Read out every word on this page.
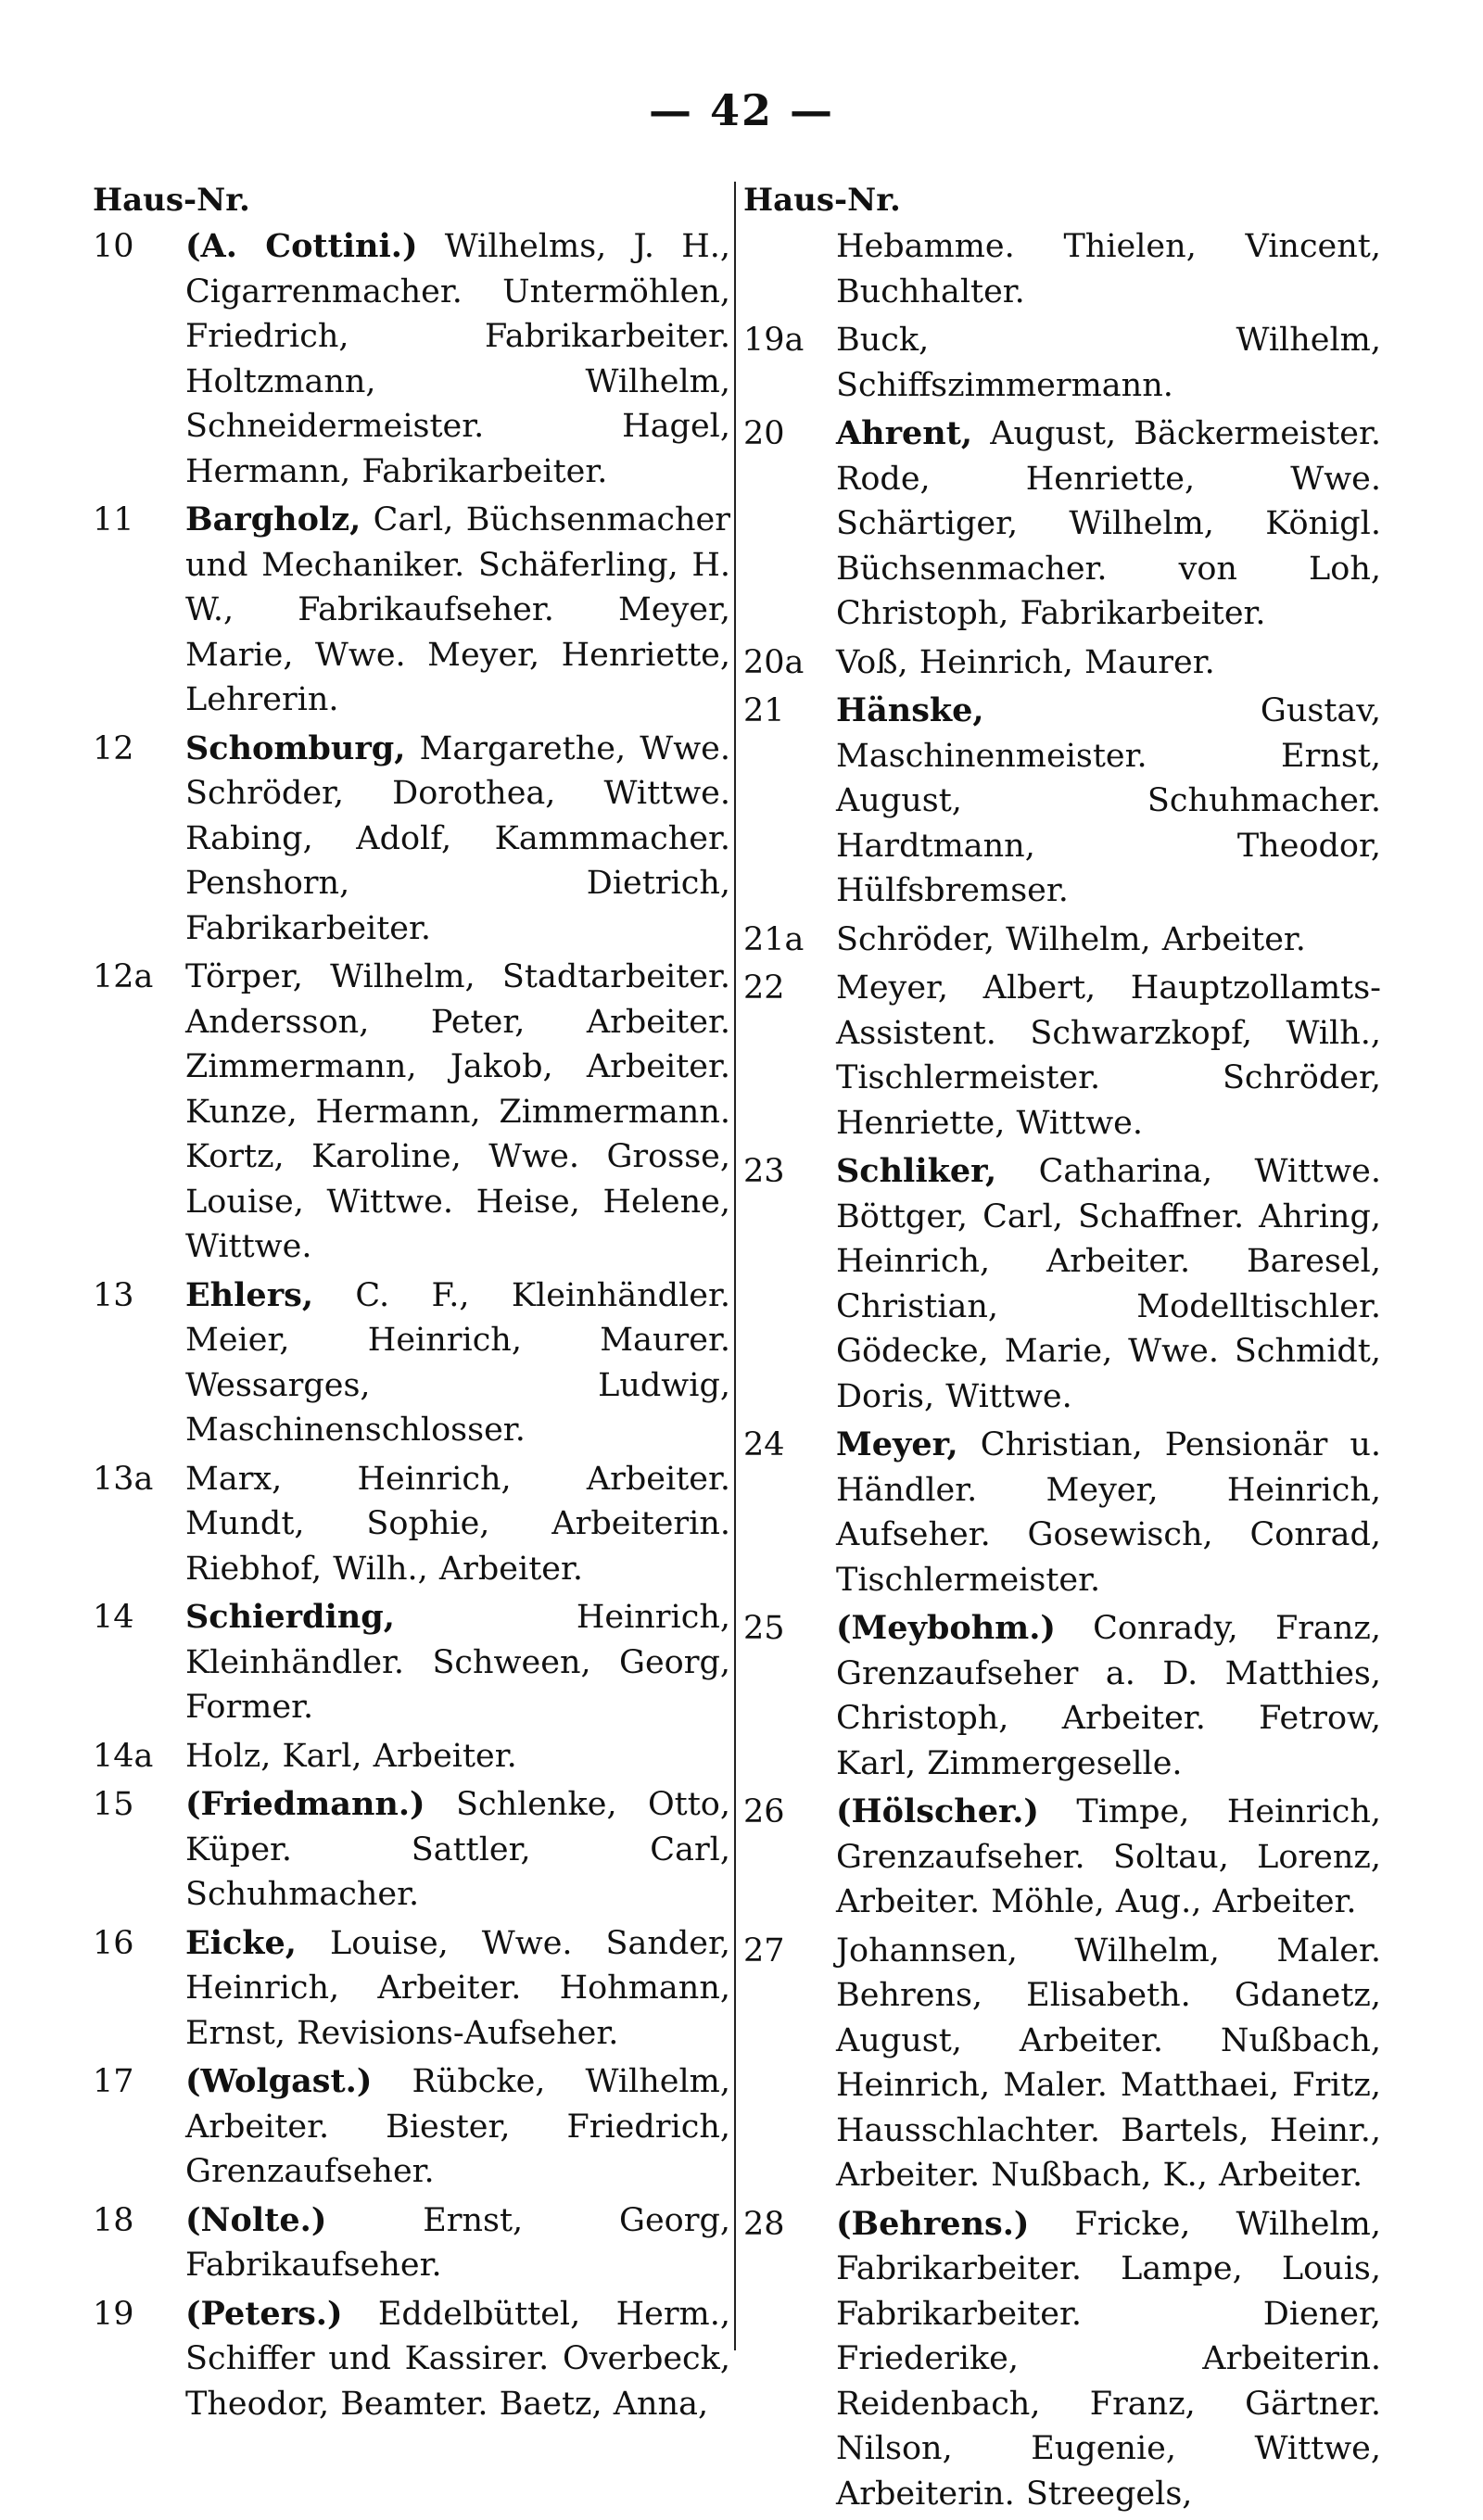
— 42 —
Haus-Nr.
10	(A. Cottini.) Wilhelms, J. H., Cigarrenmacher. Untermöhlen, Friedrich, Fabrikarbeiter. Holtzmann, Wilhelm, Schneidermeister. Hagel, Hermann, Fabrikarbeiter.
11	Bargholz, Carl, Büchsenmacher und Mechaniker. Schäferling, H. W., Fabrikaufseher. Meyer, Marie, Wwe. Meyer, Henriette, Lehrerin.
12	Schomburg, Margarethe, Wwe. Schröder, Dorothea, Wittwe. Rabing, Adolf, Kammmacher. Penshorn, Dietrich, Fabrikarbeiter.
12a Törper, Wilhelm, Stadtarbeiter. Andersson, Peter, Arbeiter. Zimmermann, Jakob, Arbeiter. Kunze, Hermann, Zimmermann. Kortz, Karoline, Wwe. Grosse, Louise, Wittwe. Heise, Helene, Wittwe.
13	Ehlers, C. F., Kleinhändler. Meier, Heinrich, Maurer. Wessarges, Ludwig, Maschinenschlosser.
13a Marx, Heinrich, Arbeiter. Mundt, Sophie, Arbeiterin. Riebhof, Wilh., Arbeiter.
14	Schierding, Heinrich, Kleinhändler. Schween, Georg, Former.
14a Holz, Karl, Arbeiter.
15	(Friedmann.) Schlenke, Otto, Küper. Sattler, Carl, Schuhmacher.
16	Eicke, Louise, Wwe. Sander, Heinrich, Arbeiter. Hohmann, Ernst, Revisions-Aufseher.
17	(Wolgast.) Rübcke, Wilhelm, Arbeiter. Biester, Friedrich, Grenzaufseher.
18	(Nolte.) Ernst, Georg, Fabrikaufseher.
19	(Peters.) Eddelbüttel, Herm., Schiffer und Kassirer. Overbeck, Theodor, Beamter. Baetz, Anna,
Haus-Nr.
Hebamme. Thielen, Vincent, Buchhalter.
19a Buck, Wilhelm, Schiffszimmermann.
20	Ahrent, August, Bäckermeister. Rode, Henriette, Wwe. Schärtiger, Wilhelm, Königl. Büchsenmacher. von Loh, Christoph, Fabrikarbeiter.
20a Voß, Heinrich, Maurer.
21	Hänske, Gustav, Maschinenmeister. Ernst, August, Schuhmacher. Hardtmann, Theodor, Hülfsbremser.
21a Schröder, Wilhelm, Arbeiter.
22	Meyer, Albert, Hauptzollamts-Assistent. Schwarzkopf, Wilh., Tischlermeister. Schröder, Henriette, Wittwe.
23	Schliker, Catharina, Wittwe. Böttger, Carl, Schaffner. Ahring, Heinrich, Arbeiter. Baresel, Christian, Modelltischler. Gödecke, Marie, Wwe. Schmidt, Doris, Wittwe.
24	Meyer, Christian, Pensionär u. Händler. Meyer, Heinrich, Aufseher. Gosewisch, Conrad, Tischlermeister.
25	(Meybohm.) Conrady, Franz, Grenzaufseher a. D. Matthies, Christoph, Arbeiter. Fetrow, Karl, Zimmergeselle.
26	(Hölscher.) Timpe, Heinrich, Grenzaufseher. Soltau, Lorenz, Arbeiter. Möhle, Aug., Arbeiter.
27	Johannsen, Wilhelm, Maler. Behrens, Elisabeth. Gdanetz, August, Arbeiter. Nußbach, Heinrich, Maler. Matthaei, Fritz, Hausschlachter. Bartels, Heinr., Arbeiter. Nußbach, K., Arbeiter.
28	(Behrens.) Fricke, Wilhelm, Fabrikarbeiter. Lampe, Louis, Fabrikarbeiter. Diener, Friederike, Arbeiterin. Reidenbach, Franz, Gärtner. Nilson, Eugenie, Wittwe, Arbeiterin. Streegels,
